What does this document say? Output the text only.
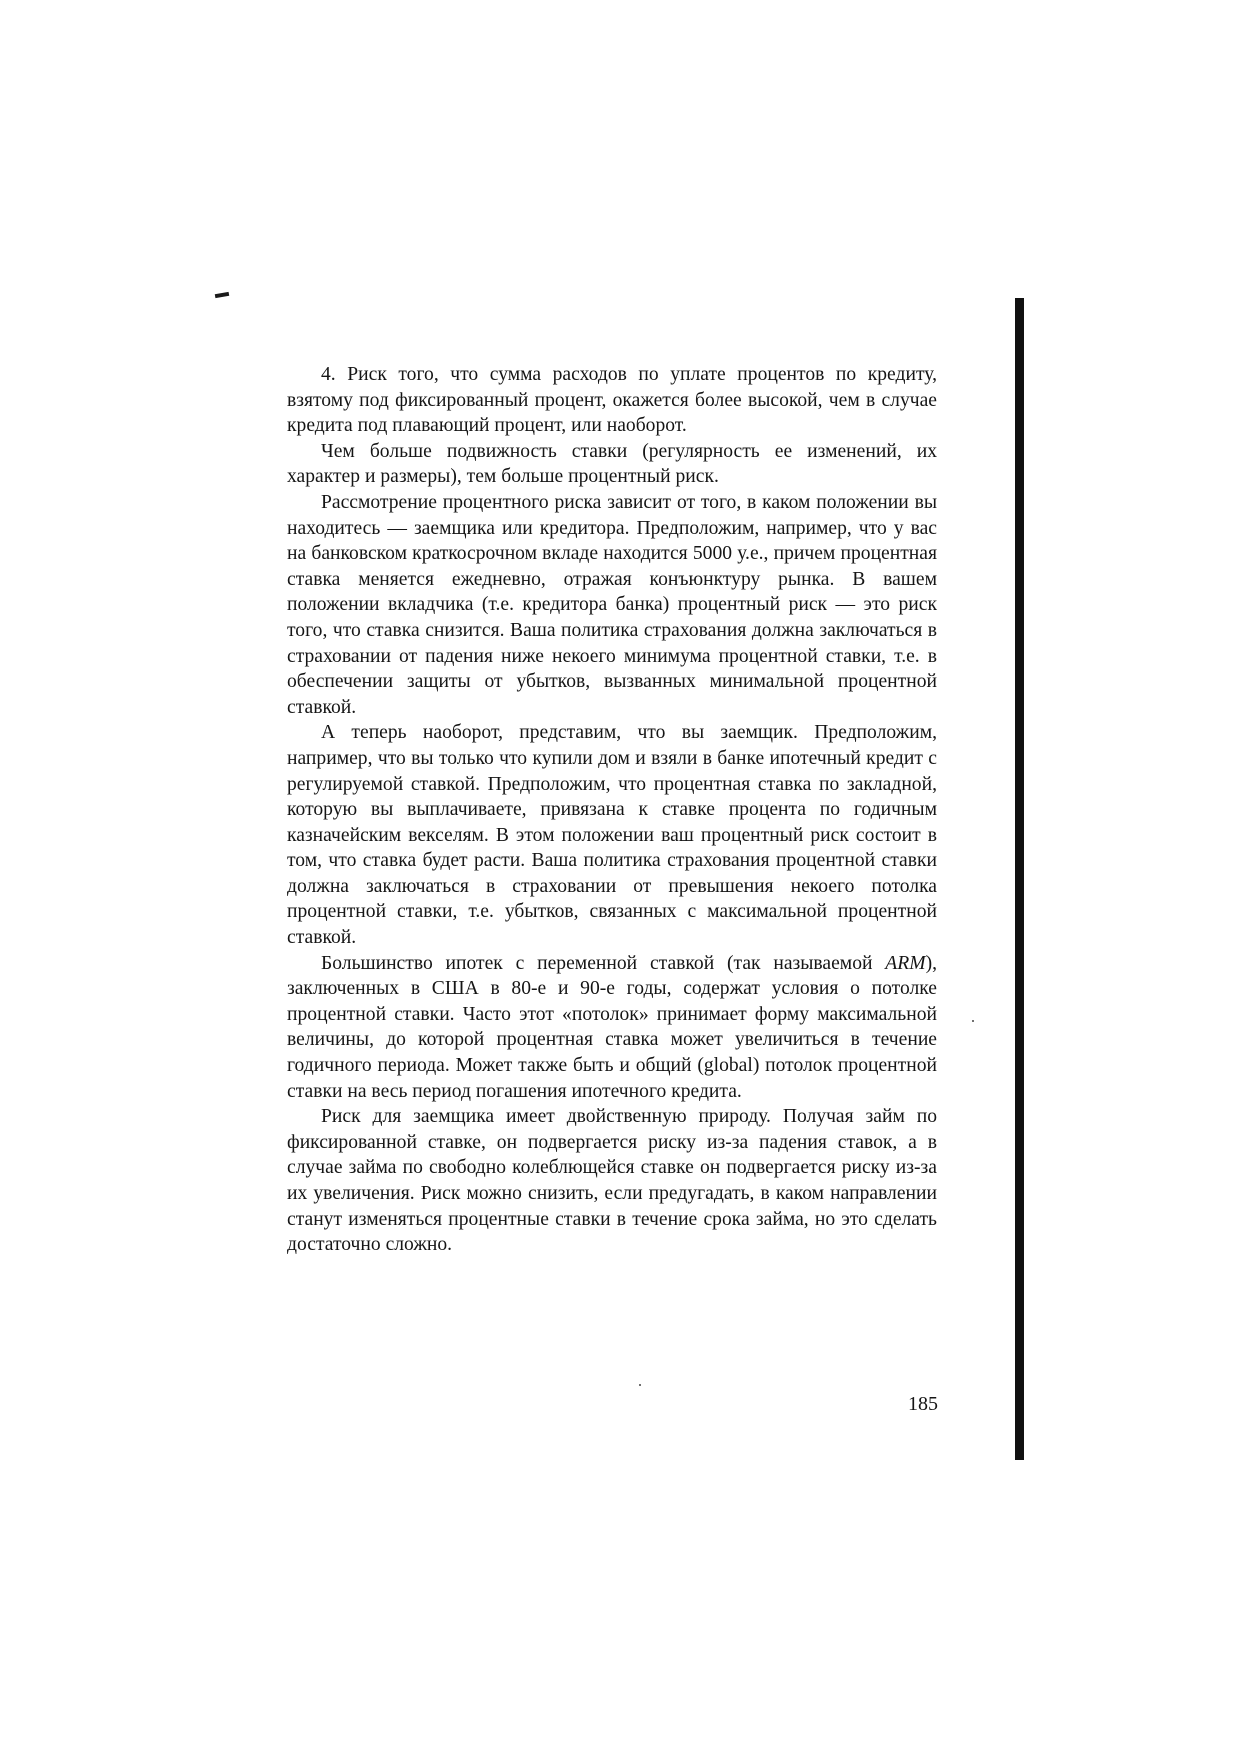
4. Риск того, что сумма расходов по уплате процентов по кредиту, взятому под фиксированный процент, окажется более высокой, чем в случае кредита под плавающий процент, или наоборот.

Чем больше подвижность ставки (регулярность ее изменений, их характер и размеры), тем больше процентный риск.

Рассмотрение процентного риска зависит от того, в каком положении вы находитесь — заемщика или кредитора. Предположим, например, что у вас на банковском краткосрочном вкладе находится 5000 у.е., причем процентная ставка меняется ежедневно, отражая конъюнктуру рынка. В вашем положении вкладчика (т.е. кредитора банка) процентный риск — это риск того, что ставка снизится. Ваша политика страхования должна заключаться в страховании от падения ниже некоего минимума процентной ставки, т.е. в обеспечении защиты от убытков, вызванных минимальной процентной ставкой.

А теперь наоборот, представим, что вы заемщик. Предположим, например, что вы только что купили дом и взяли в банке ипотечный кредит с регулируемой ставкой. Предположим, что процентная ставка по закладной, которую вы выплачиваете, привязана к ставке процента по годичным казначейским векселям. В этом положении ваш процентный риск состоит в том, что ставка будет расти. Ваша политика страхования процентной ставки должна заключаться в страховании от превышения некоего потолка процентной ставки, т.е. убытков, связанных с максимальной процентной ставкой.

Большинство ипотек с переменной ставкой (так называемой ARM), заключенных в США в 80-е и 90-е годы, содержат условия о потолке процентной ставки. Часто этот «потолок» принимает форму максимальной величины, до которой процентная ставка может увеличиться в течение годичного периода. Может также быть и общий (global) потолок процентной ставки на весь период погашения ипотечного кредита.

Риск для заемщика имеет двойственную природу. Получая займ по фиксированной ставке, он подвергается риску из-за падения ставок, а в случае займа по свободно колеблющейся ставке он подвергается риску из-за их увеличения. Риск можно снизить, если предугадать, в каком направлении станут изменяться процентные ставки в течение срока займа, но это сделать достаточно сложно.

185
